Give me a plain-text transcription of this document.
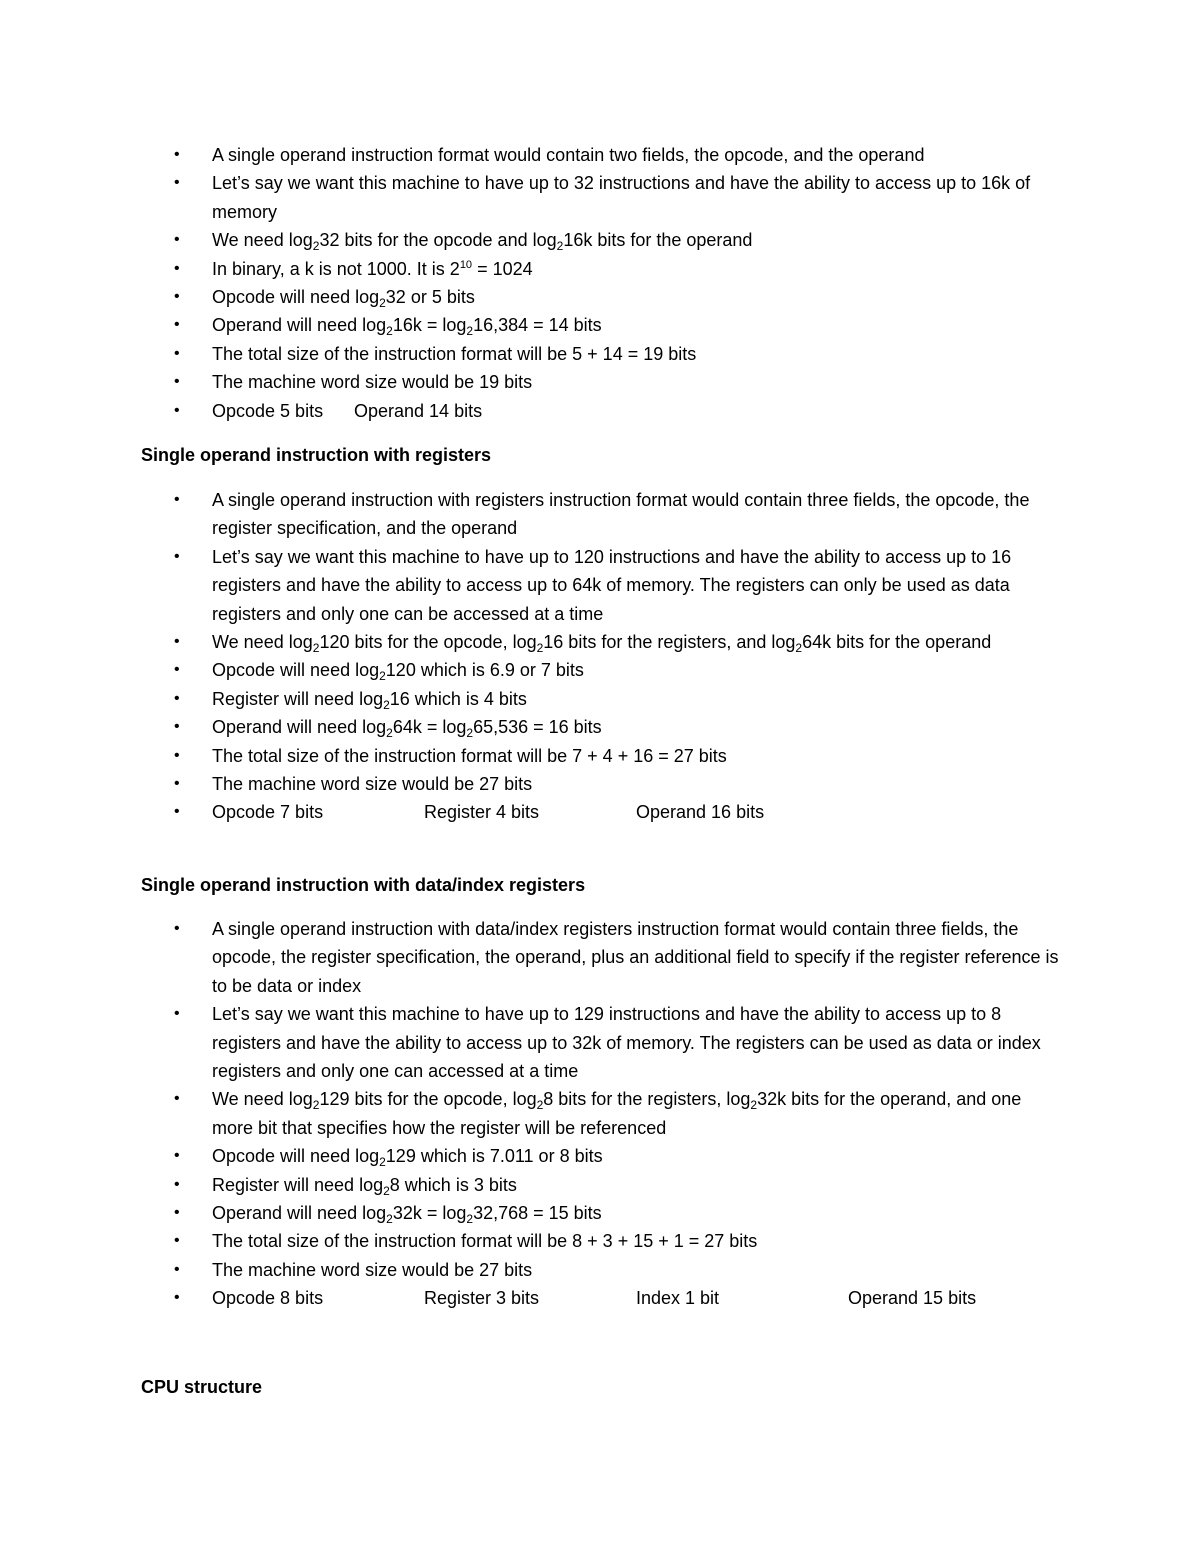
• A single operand instruction format would contain two fields, the opcode, and the operand
• Let’s say we want this machine to have up to 32 instructions and have the ability to access up to 16k of memory
• We need $\log_232$ bits for the opcode and $\log_216k$ bits for the operand
• In binary, a k is not 1000. It is $2^{10} = 1024$
• Opcode will need $\log_232$ or 5 bits
• Operand will need $\log_216k = \log_216,384 = 14$ bits
• The total size of the instruction format will be 5 + 14 = 19 bits
• The machine word size would be 19 bits
• Opcode 5 bits Operand 14 bits
Single operand instruction with registers
• A single operand instruction with registers instruction format would contain three fields, the opcode, the register specification, and the operand
• Let’s say we want this machine to have up to 120 instructions and have the ability to access up to 16 registers and have the ability to access up to 64k of memory. The registers can only be used as data registers and only one can be accessed at a time
• We need $\log_2120$ bits for the opcode, $\log_216$ bits for the registers, and $\log_264k$ bits for the operand
• Opcode will need $\log_2120$ which is 6.9 or 7 bits
• Register will need $\log_216$ which is 4 bits
• Operand will need $\log_264k = \log_265,536 = 16$ bits
• The total size of the instruction format will be 7 + 4 + 16 = 27 bits
• The machine word size would be 27 bits
• Opcode 7 bits	Register 4 bits	Operand 16 bits
Single operand instruction with data/index registers
• A single operand instruction with data/index registers instruction format would contain three fields, the opcode, the register specification, the operand, plus an additional field to specify if the register reference is to be data or index
• Let’s say we want this machine to have up to 129 instructions and have the ability to access up to 8 registers and have the ability to access up to 32k of memory. The registers can be used as data or index registers and only one can accessed at a time
• We need $\log_2129$ bits for the opcode, $\log_28$ bits for the registers, $\log_232k$ bits for the operand, and one more bit that specifies how the register will be referenced
• Opcode will need $\log_2129$ which is 7.011 or 8 bits
• Register will need $\log_28$ which is 3 bits
• Operand will need $\log_232k = \log_232,768 = 15$ bits
• The total size of the instruction format will be 8 + 3 + 15 + 1 = 27 bits
• The machine word size would be 27 bits
• Opcode 8 bits	Register 3 bits	Index 1 bit	Operand 15 bits
CPU structure
